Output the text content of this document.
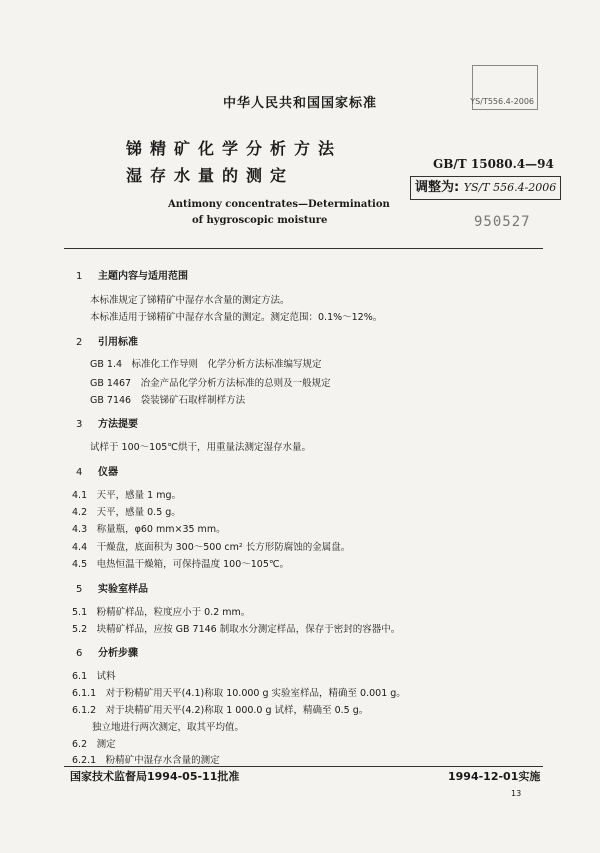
中华人民共和国国家标准	YS/T556.4-2006
锑精矿化学分析方法
湿存水量的测定
GB/T 15080.4—94
调整为: YS/T 556.4-2006
Antimony concentrates—Determination
of hygroscopic moisture	950527
1 主题内容与适用范围
本标准规定了锑精矿中湿存水含量的测定方法。
本标准适用于锑精矿中湿存水含量的测定。测定范围：0.1%～12%。
2 引用标准
GB 1.4　标准化工作导则　化学分析方法标准编写规定
GB 1467　冶金产品化学分析方法标准的总则及一般规定
GB 7146　袋装锑矿石取样制样方法
3 方法提要
试样于 100～105℃烘干，用重量法测定湿存水量。
4 仪器
4.1　天平，感量 1 mg。
4.2　天平，感量 0.5 g。
4.3　称量瓶，φ60 mm×35 mm。
4.4　干燥盘，底面积为 300～500 cm² 长方形防腐蚀的金属盘。
4.5　电热恒温干燥箱，可保持温度 100～105℃。
5 实验室样品
5.1　粉精矿样品，粒度应小于 0.2 mm。
5.2　块精矿样品，应按 GB 7146 制取水分测定样品，保存于密封的容器中。
6 分析步骤
6.1　试料
6.1.1　对于粉精矿用天平(4.1)称取 10.000 g 实验室样品，精确至 0.001 g。
6.1.2　对于块精矿用天平(4.2)称取 1 000.0 g 试样，精确至 0.5 g。
独立地进行两次测定，取其平均值。
6.2　测定
6.2.1　粉精矿中湿存水含量的测定
国家技术监督局1994-05-11批准	1994-12-01实施
13
